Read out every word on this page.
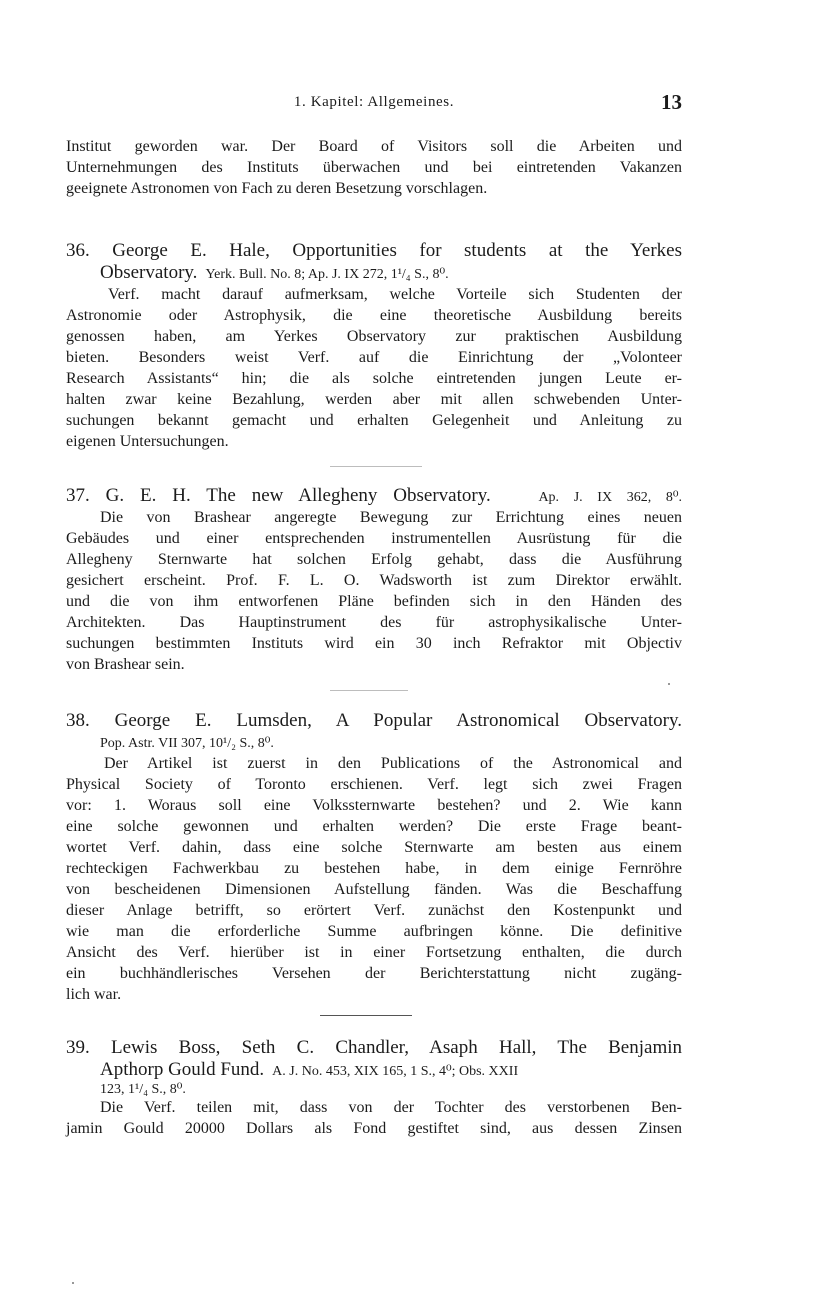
1. Kapitel: Allgemeines.	13
Institut geworden war. Der Board of Visitors soll die Arbeiten und
Unternehmungen des Instituts überwachen und bei eintretenden Vakanzen
geeignete Astronomen von Fach zu deren Besetzung vorschlagen.
36. George E. Hale, Opportunities for students at the Yerkes
Observatory. Yerk. Bull. No. 8; Ap. J. IX 272, 1¹/₄ S., 8⁰.
Verf. macht darauf aufmerksam, welche Vorteile sich Studenten der
Astronomie oder Astrophysik, die eine theoretische Ausbildung bereits
genossen haben, am Yerkes Observatory zur praktischen Ausbildung
bieten. Besonders weist Verf. auf die Einrichtung der „Volonteer
Research Assistants“ hin; die als solche eintretenden jungen Leute er-
halten zwar keine Bezahlung, werden aber mit allen schwebenden Unter-
suchungen bekannt gemacht und erhalten Gelegenheit und Anleitung zu
eigenen Untersuchungen.
37. G. E. H. The new Allegheny Observatory.	Ap. J. IX 362, 8⁰.
Die von Brashear angeregte Bewegung zur Errichtung eines neuen
Gebäudes und einer entsprechenden instrumentellen Ausrüstung für die
Allegheny Sternwarte hat solchen Erfolg gehabt, dass die Ausführung
gesichert erscheint. Prof. F. L. O. Wadsworth ist zum Direktor erwählt.
und die von ihm entworfenen Pläne befinden sich in den Händen des
Architekten. Das Hauptinstrument des für astrophysikalische Unter-
suchungen bestimmten Instituts wird ein 30 inch Refraktor mit Objectiv
von Brashear sein.
38. George E. Lumsden, A Popular Astronomical Observatory.
Pop. Astr. VII 307, 10¹/₂ S., 8⁰.
Der Artikel ist zuerst in den Publications of the Astronomical and
Physical Society of Toronto erschienen. Verf. legt sich zwei Fragen
vor: 1. Woraus soll eine Volkssternwarte bestehen? und 2. Wie kann
eine solche gewonnen und erhalten werden? Die erste Frage beant-
wortet Verf. dahin, dass eine solche Sternwarte am besten aus einem
rechteckigen Fachwerkbau zu bestehen habe, in dem einige Fernröhre
von bescheidenen Dimensionen Aufstellung fänden. Was die Beschaffung
dieser Anlage betrifft, so erörtert Verf. zunächst den Kostenpunkt und
wie man die erforderliche Summe aufbringen könne. Die definitive
Ansicht des Verf. hierüber ist in einer Fortsetzung enthalten, die durch
ein buchhändlerisches Versehen der Berichterstattung nicht zugäng-
lich war.
39. Lewis Boss, Seth C. Chandler, Asaph Hall, The Benjamin
Apthorp Gould Fund. A. J. No. 453, XIX 165, 1 S., 4⁰; Obs. XXII
123, 1¹/₄ S., 8⁰.
Die Verf. teilen mit, dass von der Tochter des verstorbenen Ben-
jamin Gould 20000 Dollars als Fond gestiftet sind, aus dessen Zinsen
